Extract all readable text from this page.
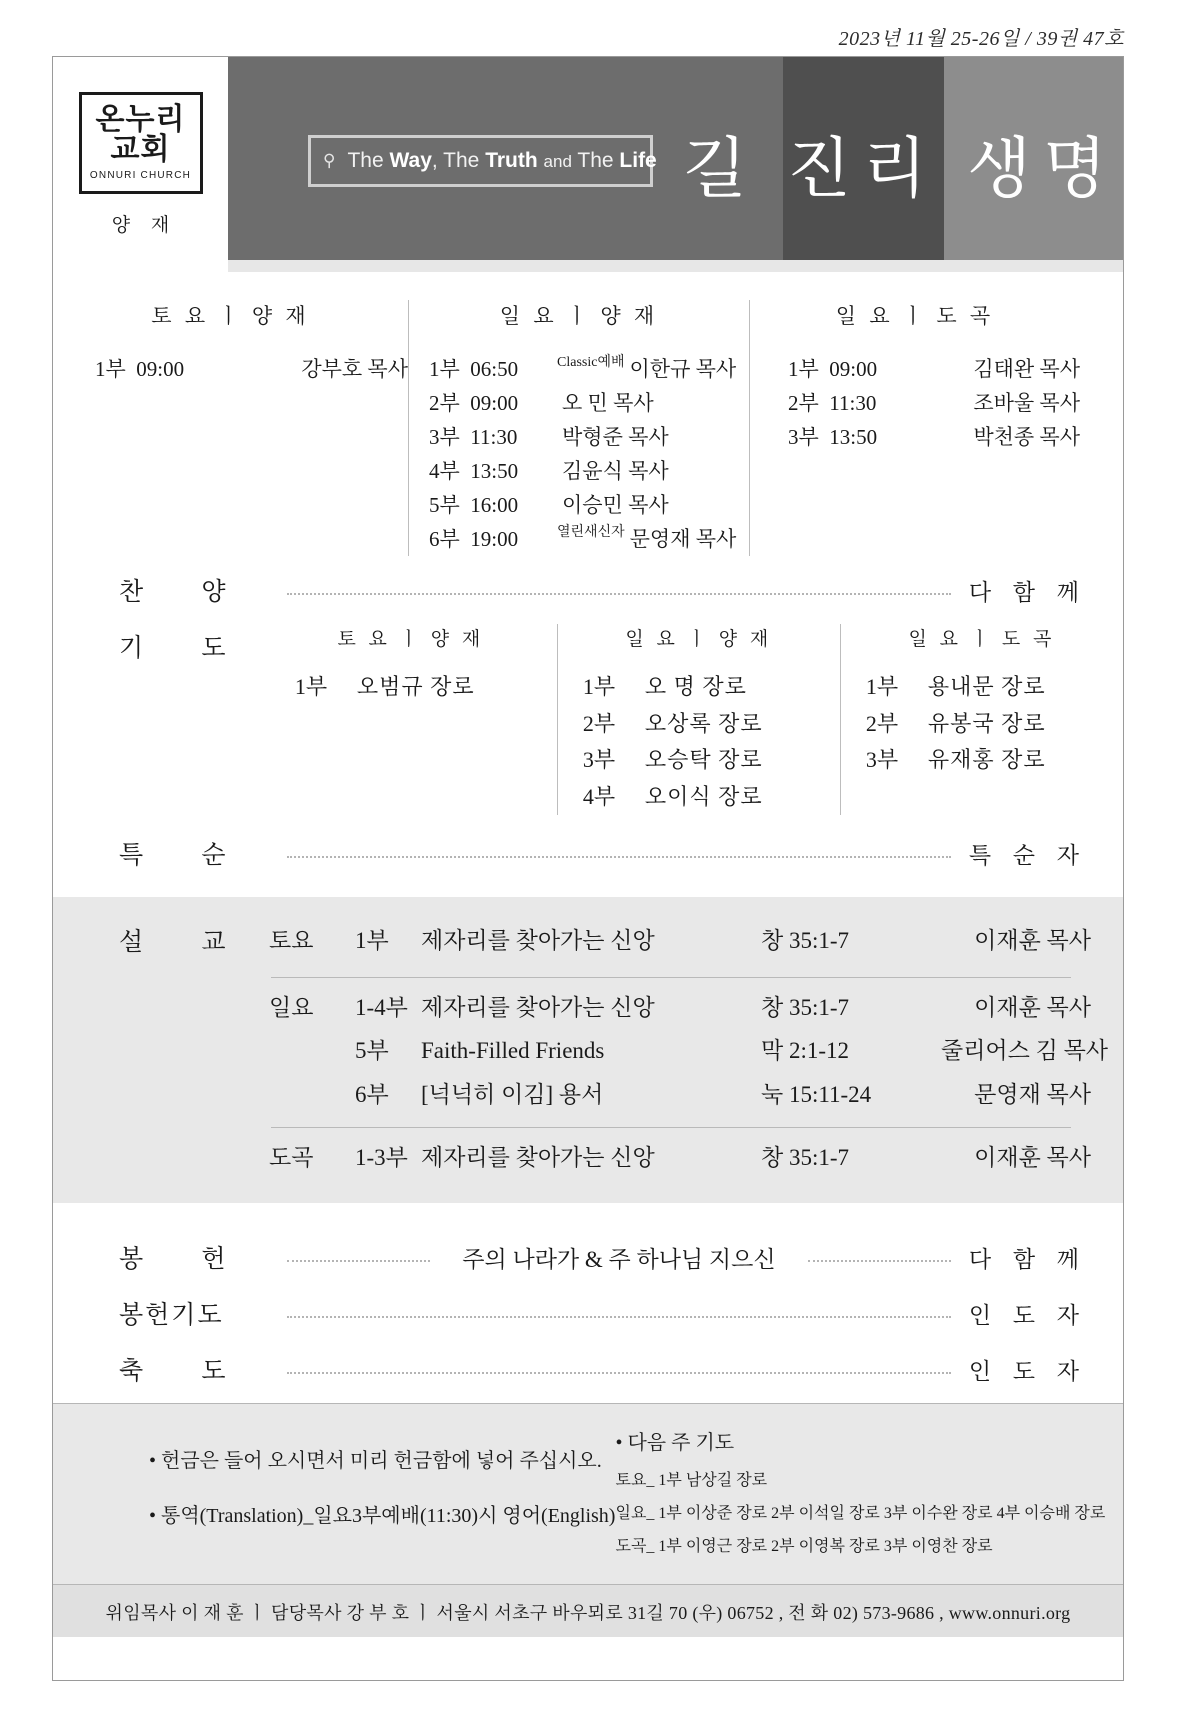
2023년 11월 25-26일 / 39권 47호
온누리
교회
ONNURI CHURCH
양 재
⚲ The Way, The Truth and The Life 길 진리 생명
토 요 ㅣ 양 재
1부 09:00	강부호 목사
일 요 ㅣ 양 재
1부 06:50	Classic예배 이한규 목사
2부 09:00	오 민 목사
3부 11:30	박형준 목사
4부 13:50	김윤식 목사
5부 16:00	이승민 목사
6부 19:00	열린새신자 문영재 목사
일 요 ㅣ 도 곡
1부 09:00	김태완 목사
2부 11:30	조바울 목사
3부 13:50	박천종 목사
찬 양	다 함 께
기 도	토 요 ㅣ 양 재
1부	오범규 장로
일 요 ㅣ 양 재
1부	오 명 장로
2부	오상록 장로
3부	오승탁 장로
4부	오이식 장로
일 요 ㅣ 도 곡
1부	용내문 장로
2부	유봉국 장로
3부	유재홍 장로
특 순	특 순 자
설 교 토요	1부	제자리를 찾아가는 신앙	창 35:1-7	이재훈 목사
일요	1-4부 제자리를 찾아가는 신앙	창 35:1-7	이재훈 목사
5부	Faith-Filled Friends	막 2:1-12	줄리어스 김 목사
6부	[넉넉히 이김] 용서	눅 15:11-24	문영재 목사
도곡	1-3부 제자리를 찾아가는 신앙	창 35:1-7	이재훈 목사
봉 헌	주의 나라가 & 주 하나님 지으신	다 함 께
봉헌기도	인 도 자
축 도	인 도 자
• 헌금은 들어 오시면서 미리 헌금함에 넣어 주십시오.
• 통역(Translation)_일요3부예배(11:30)시 영어(English)
• 다음 주 기도
토요_ 1부 남상길 장로
일요_ 1부 이상준 장로 2부 이석일 장로 3부 이수완 장로 4부 이승배 장로
도곡_ 1부 이영근 장로 2부 이영복 장로 3부 이영찬 장로
위임목사 이 재 훈 ㅣ 담당목사 강 부 호 ㅣ 서울시 서초구 바우뫼로 31길 70 (우) 06752 , 전 화 02) 573-9686 , www.onnuri.org
